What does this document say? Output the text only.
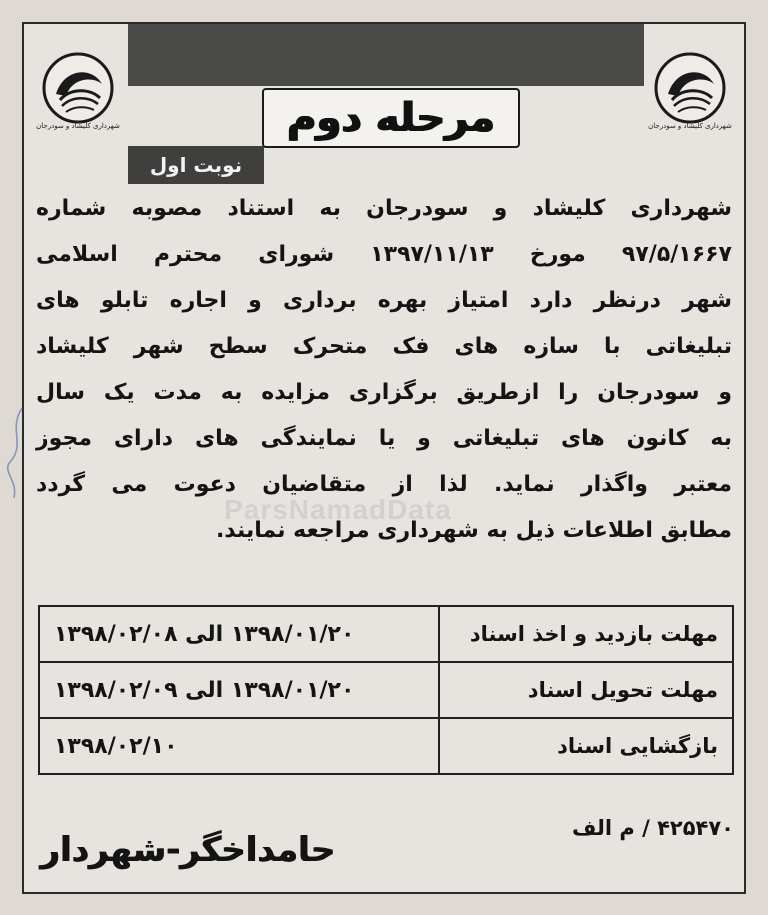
شهرداری کلیشاد و سودرجان	شهرداری کلیشاد و سودرجان
مرحله دوم
نوبت اول
ParsNamadData
شهرداری کلیشاد و سودرجان به استناد مصوبه شماره
۹۷/۵/۱۶۶۷ مورخ ۱۳۹۷/۱۱/۱۳ شورای محترم اسلامی
شهر درنظر دارد امتیاز بهره برداری و اجاره تابلو های
تبلیغاتی با سازه های فک متحرک سطح شهر کلیشاد
و سودرجان را ازطریق برگزاری مزایده به مدت یک سال
به کانون های تبلیغاتی و یا نمایندگی های دارای مجوز
معتبر واگذار نماید. لذا از متقاضیان دعوت می گردد
مطابق اطلاعات ذیل به شهرداری مراجعه نمایند.
مهلت بازدید و اخذ اسناد	۱۳۹۸/۰۱/۲۰ الی ۱۳۹۸/۰۲/۰۸
مهلت تحویل اسناد	۱۳۹۸/۰۱/۲۰ الی ۱۳۹۸/۰۲/۰۹
بازگشایی اسناد	۱۳۹۸/۰۲/۱۰
۴۲۵۴۷۰ / م الف
حامداخگر-شهردار
